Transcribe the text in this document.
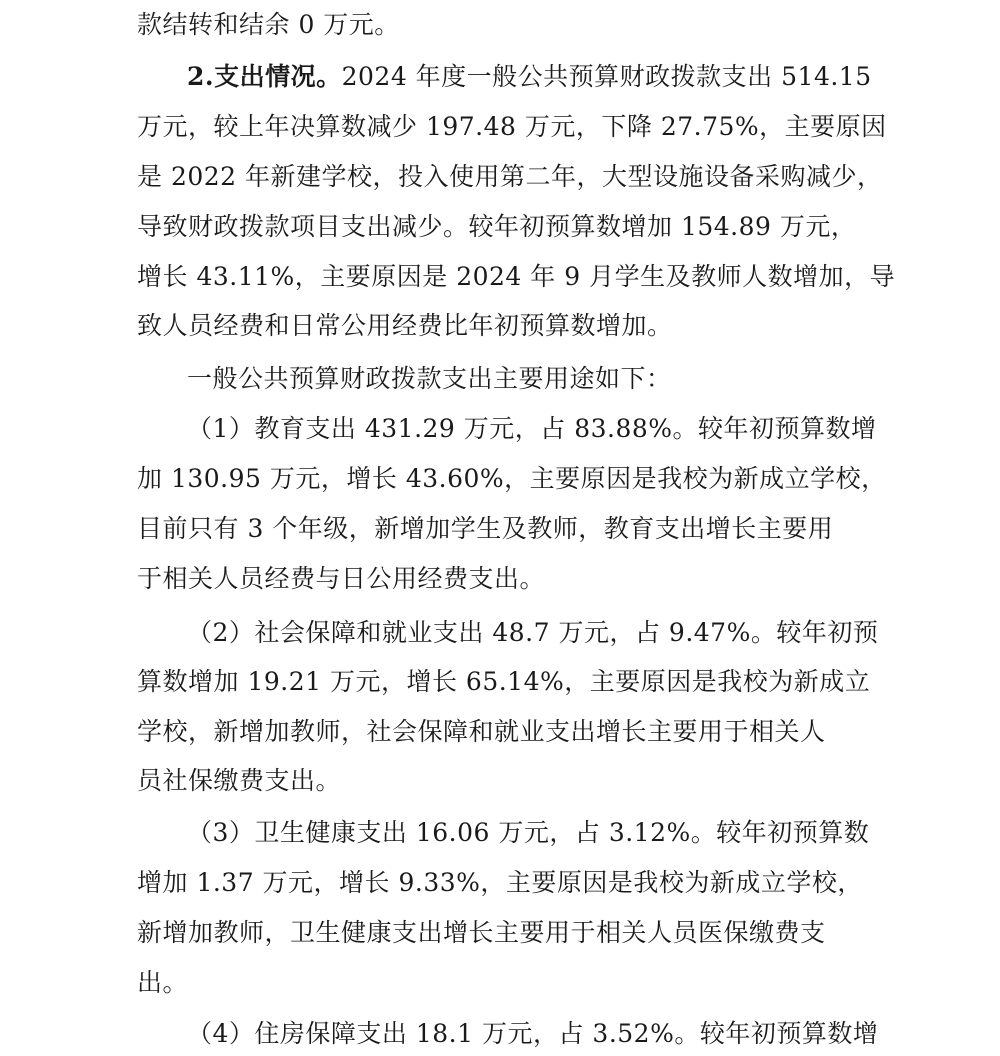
款结转和结余 0 万元。
2.支出情况。2024 年度一般公共预算财政拨款支出 514.15
万元，较上年决算数减少 197.48 万元，下降 27.75%，主要原因
是 2022 年新建学校，投入使用第二年，大型设施设备采购减少，
导致财政拨款项目支出减少。较年初预算数增加 154.89 万元，
增长 43.11%，主要原因是 2024 年 9 月学生及教师人数增加，导
致人员经费和日常公用经费比年初预算数增加。
一般公共预算财政拨款支出主要用途如下：
（1）教育支出 431.29 万元，占 83.88%。较年初预算数增
加 130.95 万元，增长 43.60%，主要原因是我校为新成立学校，
目前只有 3 个年级，新增加学生及教师，教育支出增长主要用
于相关人员经费与日公用经费支出。
（2）社会保障和就业支出 48.7 万元，占 9.47%。较年初预
算数增加 19.21 万元，增长 65.14%，主要原因是我校为新成立
学校，新增加教师，社会保障和就业支出增长主要用于相关人
员社保缴费支出。
（3）卫生健康支出 16.06 万元，占 3.12%。较年初预算数
增加 1.37 万元，增长 9.33%，主要原因是我校为新成立学校，
新增加教师，卫生健康支出增长主要用于相关人员医保缴费支
出。
（4）住房保障支出 18.1 万元，占 3.52%。较年初预算数增
